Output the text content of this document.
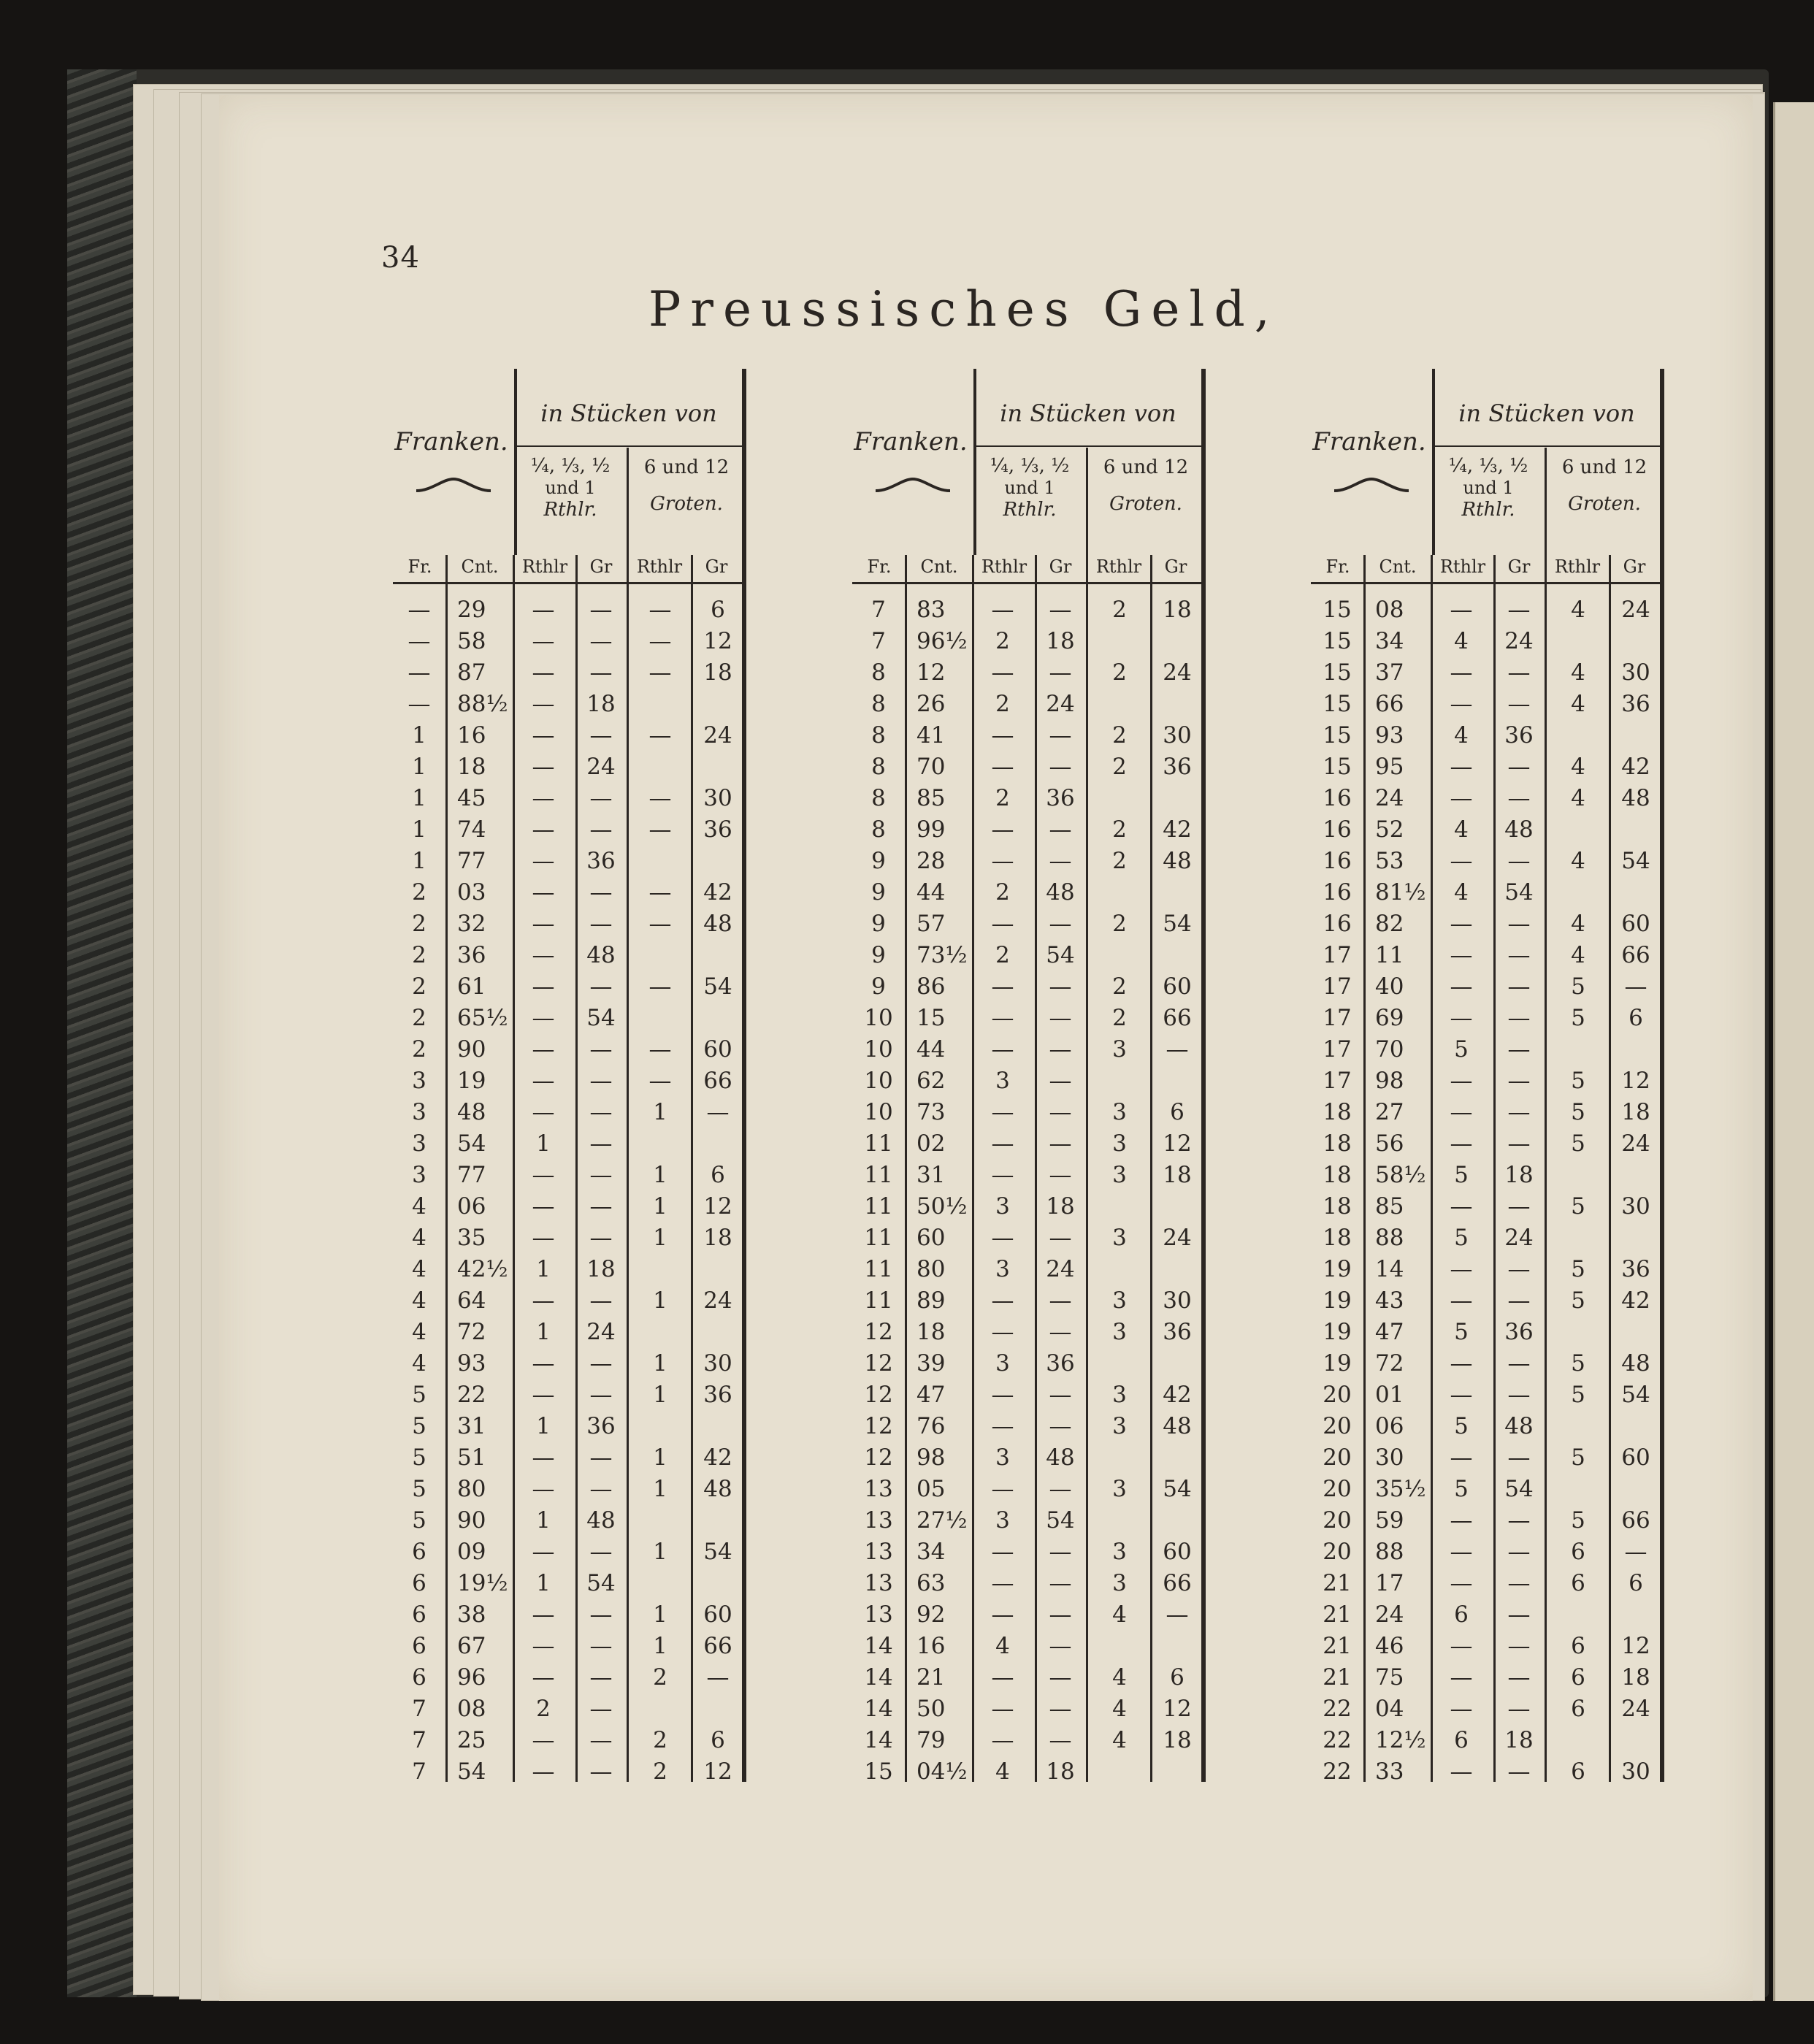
34
Preussisches Geld,
Franken.
in Stücken von
¼, ⅓, ½
und 1
Rthlr.
6 und 12
Groten.
Fr.	Cnt.	Rthlr	Gr	Rthlr	Gr
—	29	—	—	—	6
—	58	—	—	—	12
—	87	—	—	—	18
—	88½	—	18
1	16	—	—	—	24
1	18	—	24
1	45	—	—	—	30
1	74	—	—	—	36
1	77	—	36
2	03	—	—	—	42
2	32	—	—	—	48
2	36	—	48
2	61	—	—	—	54
2	65½	—	54
2	90	—	—	—	60
3	19	—	—	—	66
3	48	—	—	1	—
3	54	1	—
3	77	—	—	1	6
4	06	—	—	1	12
4	35	—	—	1	18
4	42½	1	18
4	64	—	—	1	24
4	72	1	24
4	93	—	—	1	30
5	22	—	—	1	36
5	31	1	36
5	51	—	—	1	42
5	80	—	—	1	48
5	90	1	48
6	09	—	—	1	54
6	19½	1	54
6	38	—	—	1	60
6	67	—	—	1	66
6	96	—	—	2	—
7	08	2	—
7	25	—	—	2	6
7	54	—	—	2	12
Franken.
in Stücken von
¼, ⅓, ½
und 1
Rthlr.
6 und 12
Groten.
Fr.	Cnt.	Rthlr	Gr	Rthlr	Gr
7	83	—	—	2	18
7	96½	2	18
8	12	—	—	2	24
8	26	2	24
8	41	—	—	2	30
8	70	—	—	2	36
8	85	2	36
8	99	—	—	2	42
9	28	—	—	2	48
9	44	2	48
9	57	—	—	2	54
9	73½	2	54
9	86	—	—	2	60
10	15	—	—	2	66
10	44	—	—	3	—
10	62	3	—
10	73	—	—	3	6
11	02	—	—	3	12
11	31	—	—	3	18
11	50½	3	18
11	60	—	—	3	24
11	80	3	24
11	89	—	—	3	30
12	18	—	—	3	36
12	39	3	36
12	47	—	—	3	42
12	76	—	—	3	48
12	98	3	48
13	05	—	—	3	54
13	27½	3	54
13	34	—	—	3	60
13	63	—	—	3	66
13	92	—	—	4	—
14	16	4	—
14	21	—	—	4	6
14	50	—	—	4	12
14	79	—	—	4	18
15	04½	4	18
Franken.
in Stücken von
¼, ⅓, ½
und 1
Rthlr.
6 und 12
Groten.
Fr.	Cnt.	Rthlr	Gr	Rthlr	Gr
15	08	—	—	4	24
15	34	4	24
15	37	—	—	4	30
15	66	—	—	4	36
15	93	4	36
15	95	—	—	4	42
16	24	—	—	4	48
16	52	4	48
16	53	—	—	4	54
16	81½	4	54
16	82	—	—	4	60
17	11	—	—	4	66
17	40	—	—	5	—
17	69	—	—	5	6
17	70	5	—
17	98	—	—	5	12
18	27	—	—	5	18
18	56	—	—	5	24
18	58½	5	18
18	85	—	—	5	30
18	88	5	24
19	14	—	—	5	36
19	43	—	—	5	42
19	47	5	36
19	72	—	—	5	48
20	01	—	—	5	54
20	06	5	48
20	30	—	—	5	60
20	35½	5	54
20	59	—	—	5	66
20	88	—	—	6	—
21	17	—	—	6	6
21	24	6	—
21	46	—	—	6	12
21	75	—	—	6	18
22	04	—	—	6	24
22	12½	6	18
22	33	—	—	6	30
